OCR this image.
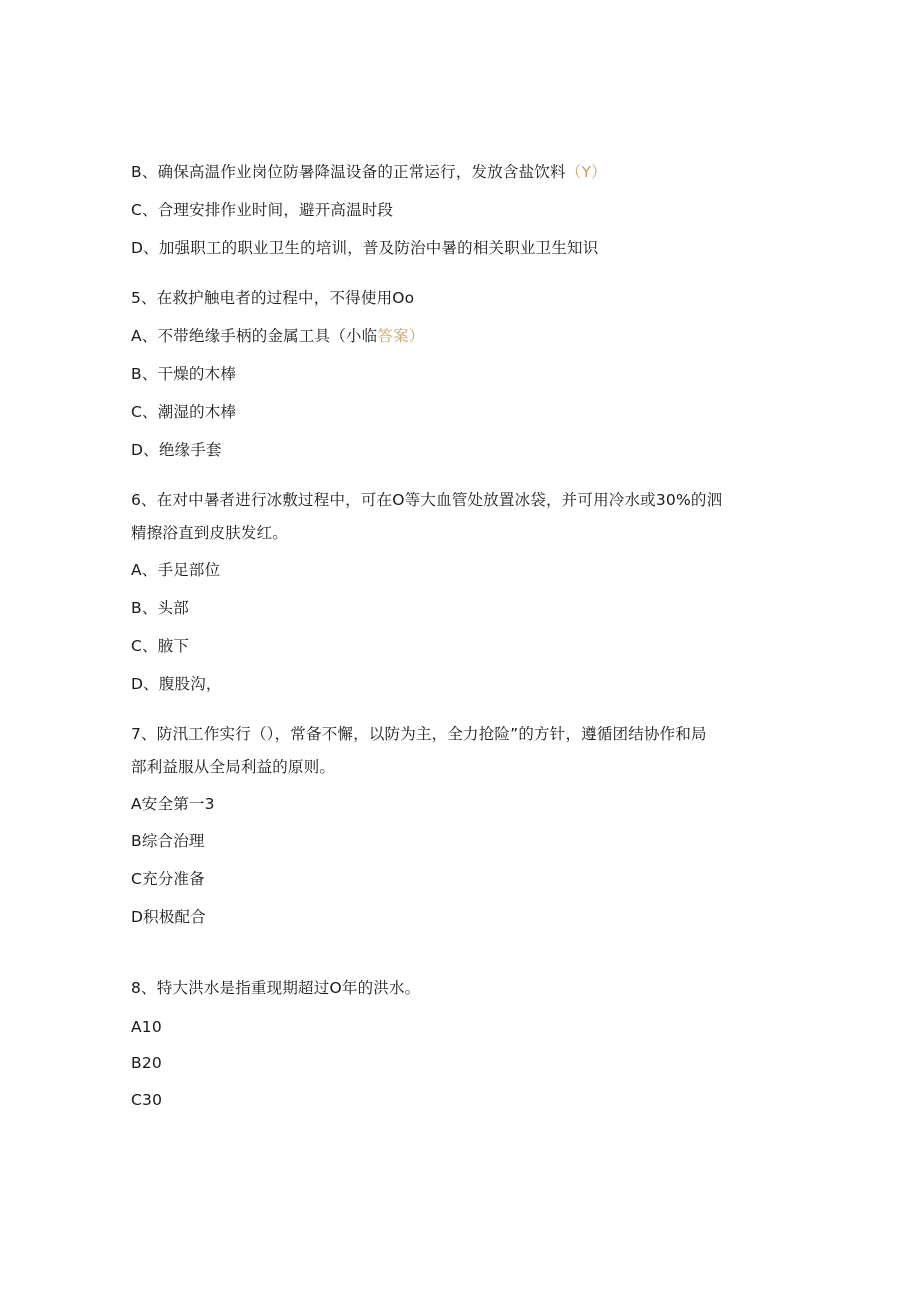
B、确保高温作业岗位防暑降温设备的正常运行，发放含盐饮料（Y）
C、合理安排作业时间，避开高温时段
D、加强职工的职业卫生的培训，普及防治中暑的相关职业卫生知识
5、在救护触电者的过程中，不得使用Oo
A、不带绝缘手柄的金属工具（小临答案）
B、干燥的木棒
C、潮湿的木棒
D、绝缘手套
6、在对中暑者进行冰敷过程中，可在O等大血管处放置冰袋，并可用冷水或30%的泗
精擦浴直到皮肤发红。
A、手足部位
B、头部
C、腋下
D、腹股沟，
7、防汛工作实行（），常备不懈，以防为主，全力抢险”的方针，遵循团结协作和局
部利益服从全局利益的原则。
A安全第一3
B综合治理
C充分准备
D积极配合
8、特大洪水是指重现期超过O年的洪水。
A10
B20
C30
